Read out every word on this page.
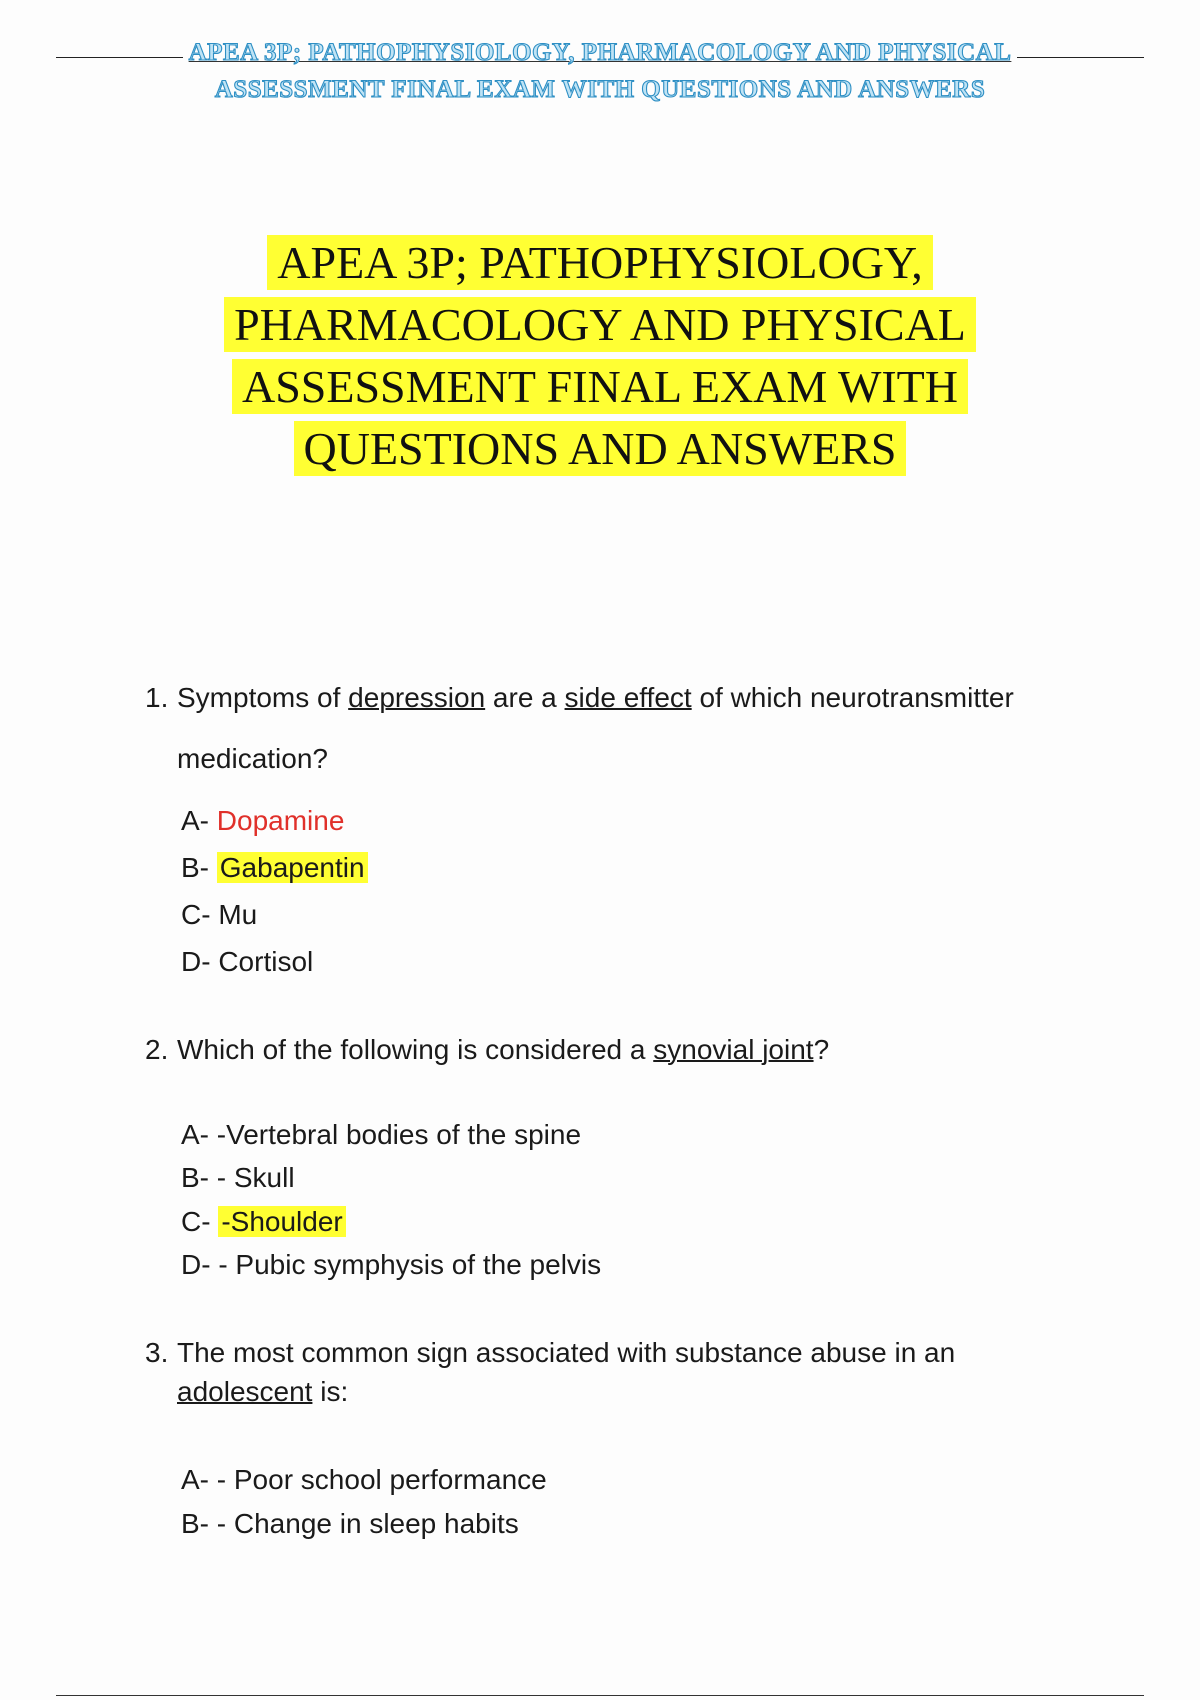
APEA 3P; PATHOPHYSIOLOGY, PHARMACOLOGY AND PHYSICAL
ASSESSMENT FINAL EXAM WITH QUESTIONS AND ANSWERS
APEA 3P; PATHOPHYSIOLOGY,
PHARMACOLOGY AND PHYSICAL
ASSESSMENT FINAL EXAM WITH
QUESTIONS AND ANSWERS
1. Symptoms of depression are a side effect of which neurotransmitter
medication?
A- Dopamine
B- Gabapentin
C- Mu
D- Cortisol
2. Which of the following is considered a synovial joint?
A- -Vertebral bodies of the spine
B- - Skull
C- -Shoulder
D- - Pubic symphysis of the pelvis
3. The most common sign associated with substance abuse in an
adolescent is:
A- - Poor school performance
B- - Change in sleep habits
